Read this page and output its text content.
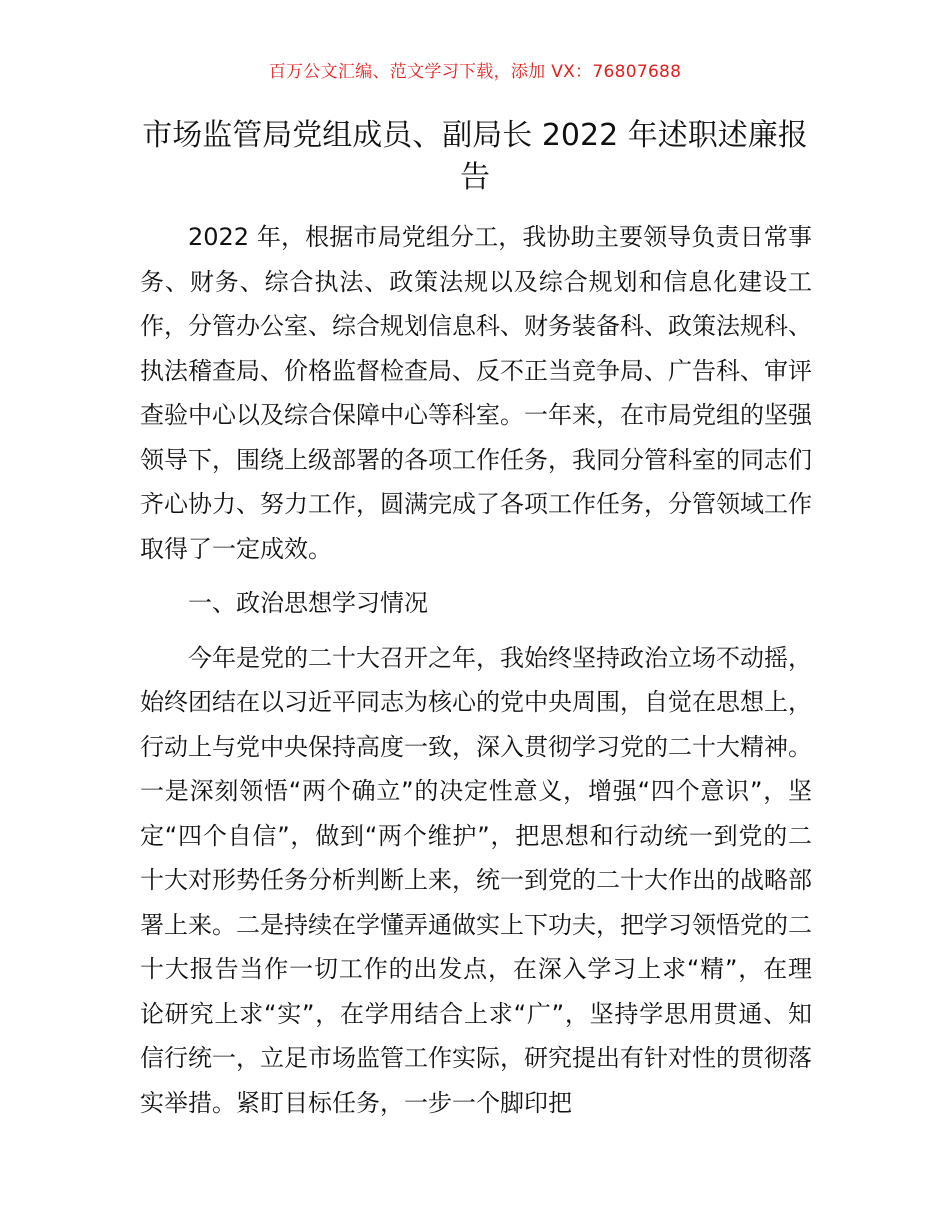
百万公文汇编、范文学习下载，添加 VX：76807688
市场监管局党组成员、副局长 2022 年述职述廉报告

2022 年，根据市局党组分工，我协助主要领导负责日常事务、财务、综合执法、政策法规以及综合规划和信息化建设工作，分管办公室、综合规划信息科、财务装备科、政策法规科、执法稽查局、价格监督检查局、反不正当竞争局、广告科、审评查验中心以及综合保障中心等科室。一年来，在市局党组的坚强领导下，围绕上级部署的各项工作任务，我同分管科室的同志们齐心协力、努力工作，圆满完成了各项工作任务，分管领域工作取得了一定成效。

一、政治思想学习情况

今年是党的二十大召开之年，我始终坚持政治立场不动摇，始终团结在以习近平同志为核心的党中央周围，自觉在思想上，行动上与党中央保持高度一致，深入贯彻学习党的二十大精神。一是深刻领悟“两个确立”的决定性意义，增强“四个意识”，坚定“四个自信”，做到“两个维护”，把思想和行动统一到党的二十大对形势任务分析判断上来，统一到党的二十大作出的战略部署上来。二是持续在学懂弄通做实上下功夫，把学习领悟党的二十大报告当作一切工作的出发点，在深入学习上求“精”，在理论研究上求“实”，在学用结合上求“广”，坚持学思用贯通、知信行统一，立足市场监管工作实际，研究提出有针对性的贯彻落实举措。紧盯目标任务，一步一个脚印把
